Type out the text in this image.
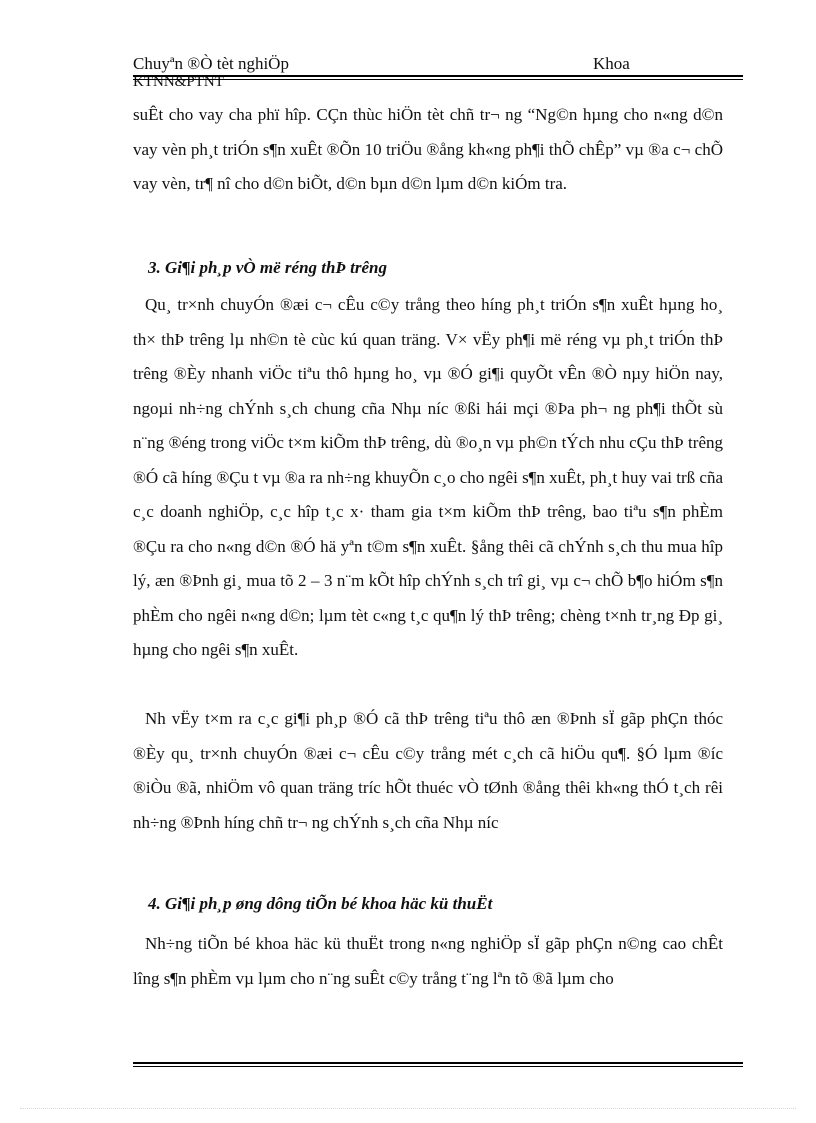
Chuyªn ®Ò tèt nghiÖp	Khoa
KTNN&PTNT

suÊt cho vay cha phï hîp. CÇn thùc hiÖn tèt chñ tr¬ ng “Ng©n hµng cho n«ng d©n vay vèn ph¸t triÓn s¶n xuÊt ®Õn 10 triÖu ®ång kh«ng ph¶i thÕ chÊp” vµ ®a c¬ chÕ vay vèn, tr¶ nî cho d©n biÕt, d©n bµn d©n lµm d©n kiÓm tra.

3. Gi¶i ph¸p vÒ më réng thÞ trêng

Qu¸ tr×nh chuyÓn ®æi c¬ cÊu c©y trång theo híng ph¸t triÓn s¶n xuÊt hµng ho¸ th× thÞ trêng lµ nh©n tè cùc kú quan träng. V× vËy ph¶i më réng vµ ph¸t triÓn thÞ trêng ®Èy nhanh viÖc tiªu thô hµng ho¸ vµ ®Ó gi¶i quyÕt vÊn ®Ò nµy hiÖn nay, ngoµi nh÷ng chÝnh s¸ch chung cña Nhµ níc ®ßi hái mçi ®Þa ph¬ ng ph¶i thÕt sù n¨ng ®éng trong viÖc t×m kiÕm thÞ trêng, dù ®o¸n vµ ph©n tÝch nhu cÇu thÞ trêng ®Ó cã híng ®Çu t vµ ®a ra nh÷ng khuyÕn c¸o cho ngêi s¶n xuÊt, ph¸t huy vai trß cña c¸c doanh nghiÖp, c¸c hîp t¸c x· tham gia t×m kiÕm thÞ trêng, bao tiªu s¶n phÈm ®Çu ra cho n«ng d©n ®Ó hä yªn t©m s¶n xuÊt. §ång thêi cã chÝnh s¸ch thu mua hîp lý, æn ®Þnh gi¸ mua tõ 2 – 3 n¨m kÕt hîp chÝnh s¸ch trî gi¸ vµ c¬ chÕ b¶o hiÓm s¶n phÈm cho ngêi n«ng d©n; lµm tèt c«ng t¸c qu¶n lý thÞ trêng; chèng t×nh tr¸ng Ðp gi¸ hµng cho ngêi s¶n xuÊt.

Nh vËy t×m ra c¸c gi¶i ph¸p ®Ó cã thÞ trêng tiªu thô æn ®Þnh sÏ gãp phÇn thóc ®Èy qu¸ tr×nh chuyÓn ®æi c¬ cÊu c©y trång mét c¸ch cã hiÖu qu¶. §Ó lµm ®íc ®iÒu ®ã, nhiÖm vô quan träng tríc hÕt thuéc vÒ tØnh ®ång thêi kh«ng thÓ t¸ch rêi nh÷ng ®Þnh híng chñ tr¬ ng chÝnh s¸ch cña Nhµ níc

4. Gi¶i ph¸p øng dông tiÕn bé khoa häc kü thuËt

Nh÷ng tiÕn bé khoa häc kü thuËt trong n«ng nghiÖp sÏ gãp phÇn n©ng cao chÊt lîng s¶n phÈm vµ lµm cho n¨ng suÊt c©y trång t¨ng lªn tõ ®ã lµm cho
